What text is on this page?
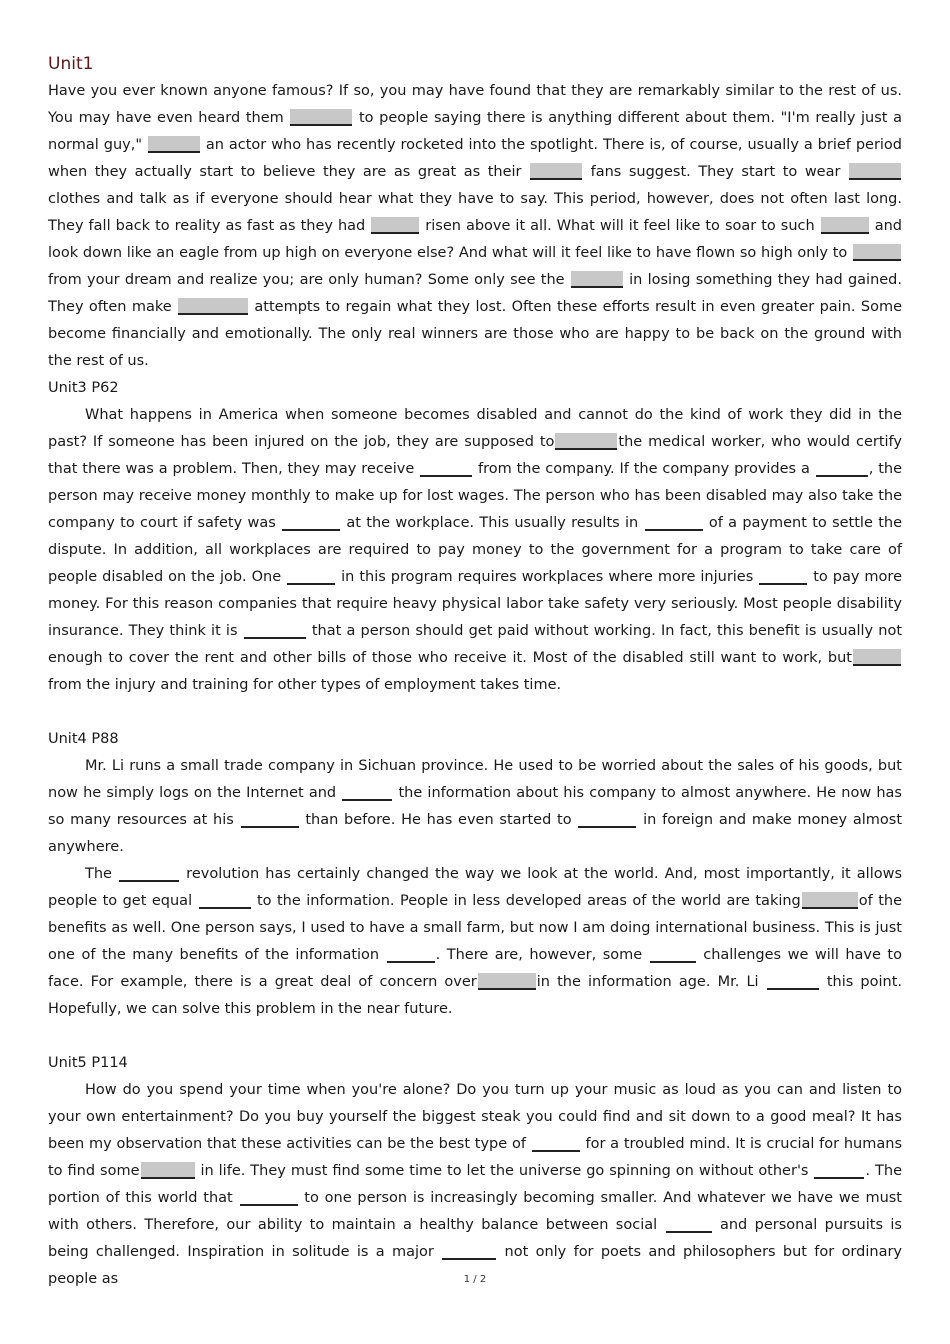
Unit1
Have you ever known anyone famous? If so, you may have found that they are remarkably similar to the rest of us. You may have even heard them	to people saying there is anything different about them. "I'm really just a normal guy,"	an actor who has recently rocketed into the spotlight. There is, of course, usually a brief period when they actually start to believe they are as great as their	fans suggest. They start to wear  clothes and talk as if everyone should hear what they have to say. This period, however, does not often last long. They fall back to reality as fast as they had	risen above it all. What will it feel like to soar to such	and look down like an eagle from up high on everyone else? And what will it feel like to have flown so high only to  from your dream and realize you; are only human? Some only see the	in losing something they had gained. They often make	attempts to regain what they lost. Often these efforts result in even greater pain. Some become financially and emotionally. The only real winners are those who are happy to be back on the ground with the rest of us.
Unit3 P62
What happens in America when someone becomes disabled and cannot do the kind of work they did in the past? If someone has been injured on the job, they are supposed to	the medical worker, who would certify that there was a problem. Then, they may receive	from the company. If the company provides a	, the person may receive money monthly to make up for lost wages. The person who has been disabled may also take the company to court if safety was	at the workplace. This usually results in	of a payment to settle the dispute. In addition, all workplaces are required to pay money to the government for a program to take care of people disabled on the job. One	in this program requires workplaces where more injuries	to pay more money. For this reason companies that require heavy physical labor take safety very seriously. Most people disability insurance. They think it is	that a person should get paid without working. In fact, this benefit is usually not enough to cover the rent and other bills of those who receive it. Most of the disabled still want to work, but from the injury and training for other types of employment takes time.
Unit4 P88
Mr. Li runs a small trade company in Sichuan province. He used to be worried about the sales of his goods, but now he simply logs on the Internet and	the information about his company to almost anywhere. He now has so many resources at his	than before. He has even started to	in foreign and make money almost anywhere.
The	revolution has certainly changed the way we look at the world. And, most importantly, it allows people to get equal	to the information. People in less developed areas of the world are taking	of the benefits as well. One person says, I used to have a small farm, but now I am doing international business. This is just one of the many benefits of the information	. There are, however, some	challenges we will have to face. For example, there is a great deal of concern over	in the information age. Mr. Li	this point. Hopefully, we can solve this problem in the near future.
Unit5 P114
How do you spend your time when you're alone? Do you turn up your music as loud as you can and listen to your own entertainment? Do you buy yourself the biggest steak you could find and sit down to a good meal? It has been my observation that these activities can be the best type of	for a troubled mind. It is crucial for humans to find some	in life. They must find some time to let the universe go spinning on without other's	. The portion of this world that	to one person is increasingly becoming smaller. And whatever we have we must with others. Therefore, our ability to maintain a healthy balance between social	and personal pursuits is being challenged. Inspiration in solitude is a major	not only for poets and philosophers but for ordinary people as	1 / 2
